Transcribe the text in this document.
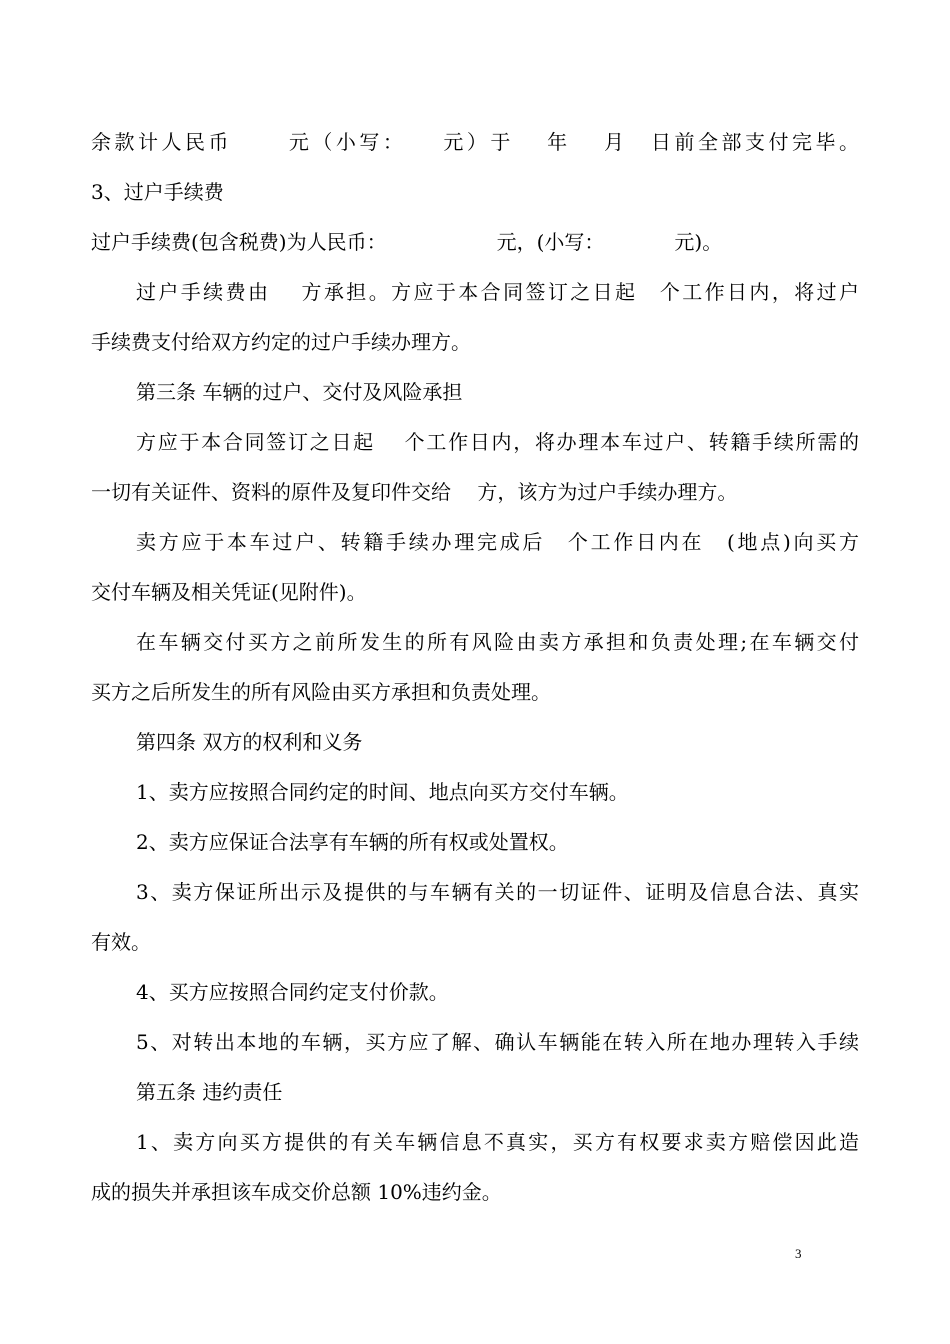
余款计人民币　　 元（小写：　　元）于　 年　 月　日前全部支付完毕。
3、过户手续费
过户手续费(包含税费)为人民币：　　　　　　元，(小写：　　　　元)。
过户手续费由　 方承担。方应于本合同签订之日起　个工作日内，将过户
手续费支付给双方约定的过户手续办理方。
第三条 车辆的过户、交付及风险承担
方应于本合同签订之日起　 个工作日内，将办理本车过户、转籍手续所需的
一切有关证件、资料的原件及复印件交给　 方，该方为过户手续办理方。
卖方应于本车过户、转籍手续办理完成后　个工作日内在　(地点)向买方
交付车辆及相关凭证(见附件)。
在车辆交付买方之前所发生的所有风险由卖方承担和负责处理;在车辆交付
买方之后所发生的所有风险由买方承担和负责处理。
第四条 双方的权利和义务
1、卖方应按照合同约定的时间、地点向买方交付车辆。
2、卖方应保证合法享有车辆的所有权或处置权。
3、卖方保证所出示及提供的与车辆有关的一切证件、证明及信息合法、真实
有效。
4、买方应按照合同约定支付价款。
5、对转出本地的车辆，买方应了解、确认车辆能在转入所在地办理转入手续
第五条 违约责任
1、卖方向买方提供的有关车辆信息不真实，买方有权要求卖方赔偿因此造
成的损失并承担该车成交价总额 10%违约金。
3
